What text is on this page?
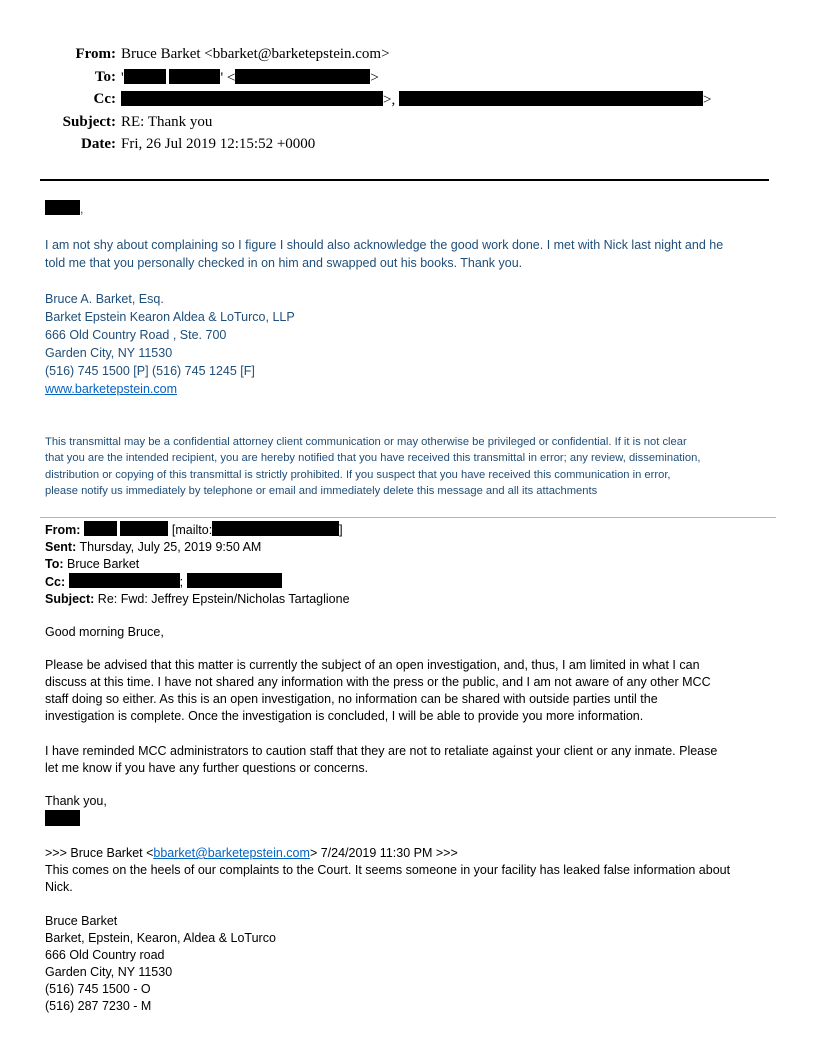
From: Bruce Barket <bbarket@barketepstein.com>
To: '	' <	>
Cc:	>,	>
Subject: RE: Thank you
Date: Fri, 26 Jul 2019 12:15:52 +0000
,
I am not shy about complaining so I figure I should also acknowledge the good work done. I met with Nick last night and he
told me that you personally checked in on him and swapped out his books. Thank you.
Bruce A. Barket, Esq.
Barket Epstein Kearon Aldea & LoTurco, LLP
666 Old Country Road , Ste. 700
Garden City, NY 11530
(516) 745 1500 [P] (516) 745 1245 [F]
www.barketepstein.com
This transmittal may be a confidential attorney client communication or may otherwise be privileged or confidential. If it is not clear
that you are the intended recipient, you are hereby notified that you have received this transmittal in error; any review, dissemination,
distribution or copying of this transmittal is strictly prohibited. If you suspect that you have received this communication in error,
please notify us immediately by telephone or email and immediately delete this message and all its attachments
From:	[mailto:	]
Sent: Thursday, July 25, 2019 9:50 AM
To: Bruce Barket
Cc:	;
Subject: Re: Fwd: Jeffrey Epstein/Nicholas Tartaglione
Good morning Bruce,
Please be advised that this matter is currently the subject of an open investigation, and, thus, I am limited in what I can
discuss at this time. I have not shared any information with the press or the public, and I am not aware of any other MCC
staff doing so either. As this is an open investigation, no information can be shared with outside parties until the
investigation is complete. Once the investigation is concluded, I will be able to provide you more information.
I have reminded MCC administrators to caution staff that they are not to retaliate against your client or any inmate. Please
let me know if you have any further questions or concerns.
Thank you,
>>> Bruce Barket <bbarket@barketepstein.com> 7/24/2019 11:30 PM >>>
This comes on the heels of our complaints to the Court. It seems someone in your facility has leaked false information about
Nick.
Bruce Barket
Barket, Epstein, Kearon, Aldea & LoTurco
666 Old Country road
Garden City, NY 11530
(516) 745 1500 - O
(516) 287 7230 - M
